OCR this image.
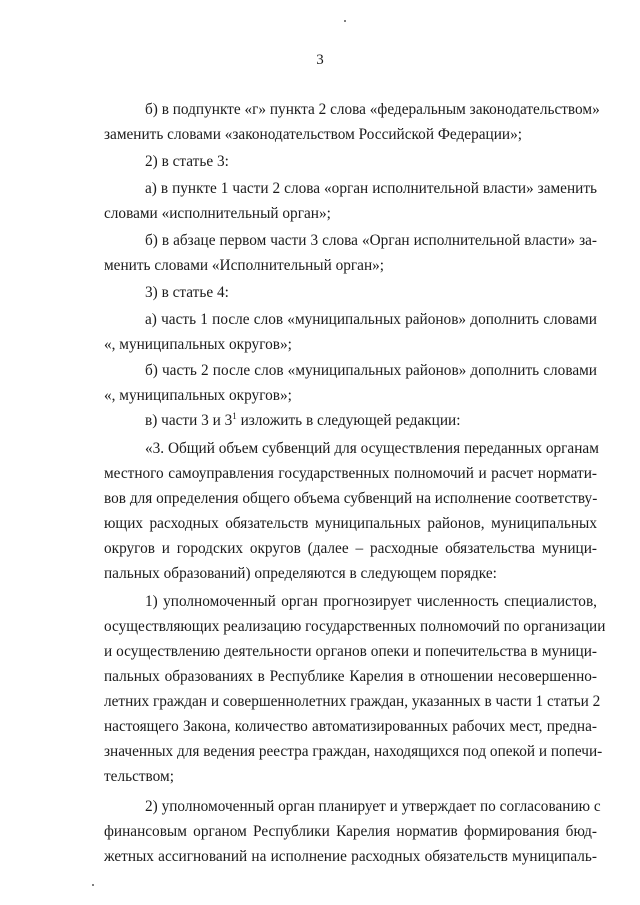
3
б) в подпункте «г» пункта 2 слова «федеральным законодательством»
заменить словами «законодательством Российской Федерации»;
2) в статье 3:
а) в пункте 1 части 2 слова «орган исполнительной власти» заменить
словами «исполнительный орган»;
б) в абзаце первом части 3 слова «Орган исполнительной власти» за-
менить словами «Исполнительный орган»;
3) в статье 4:
а) часть 1 после слов «муниципальных районов» дополнить словами
«, муниципальных округов»;
б) часть 2 после слов «муниципальных районов» дополнить словами
«, муниципальных округов»;
в) части 3 и $3^1$ изложить в следующей редакции:
«3. Общий объем субвенций для осуществления переданных органам
местного самоуправления государственных полномочий и расчет нормати-
вов для определения общего объема субвенций на исполнение соответству-
ющих расходных обязательств муниципальных районов, муниципальных
округов и городских округов (далее – расходные обязательства муници-
пальных образований) определяются в следующем порядке:
1) уполномоченный орган прогнозирует численность специалистов,
осуществляющих реализацию государственных полномочий по организации
и осуществлению деятельности органов опеки и попечительства в муници-
пальных образованиях в Республике Карелия в отношении несовершенно-
летних граждан и совершеннолетних граждан, указанных в части 1 статьи 2
настоящего Закона, количество автоматизированных рабочих мест, предна-
значенных для ведения реестра граждан, находящихся под опекой и попечи-
тельством;
2) уполномоченный орган планирует и утверждает по согласованию с
финансовым органом Республики Карелия норматив формирования бюд-
жетных ассигнований на исполнение расходных обязательств муниципаль-
